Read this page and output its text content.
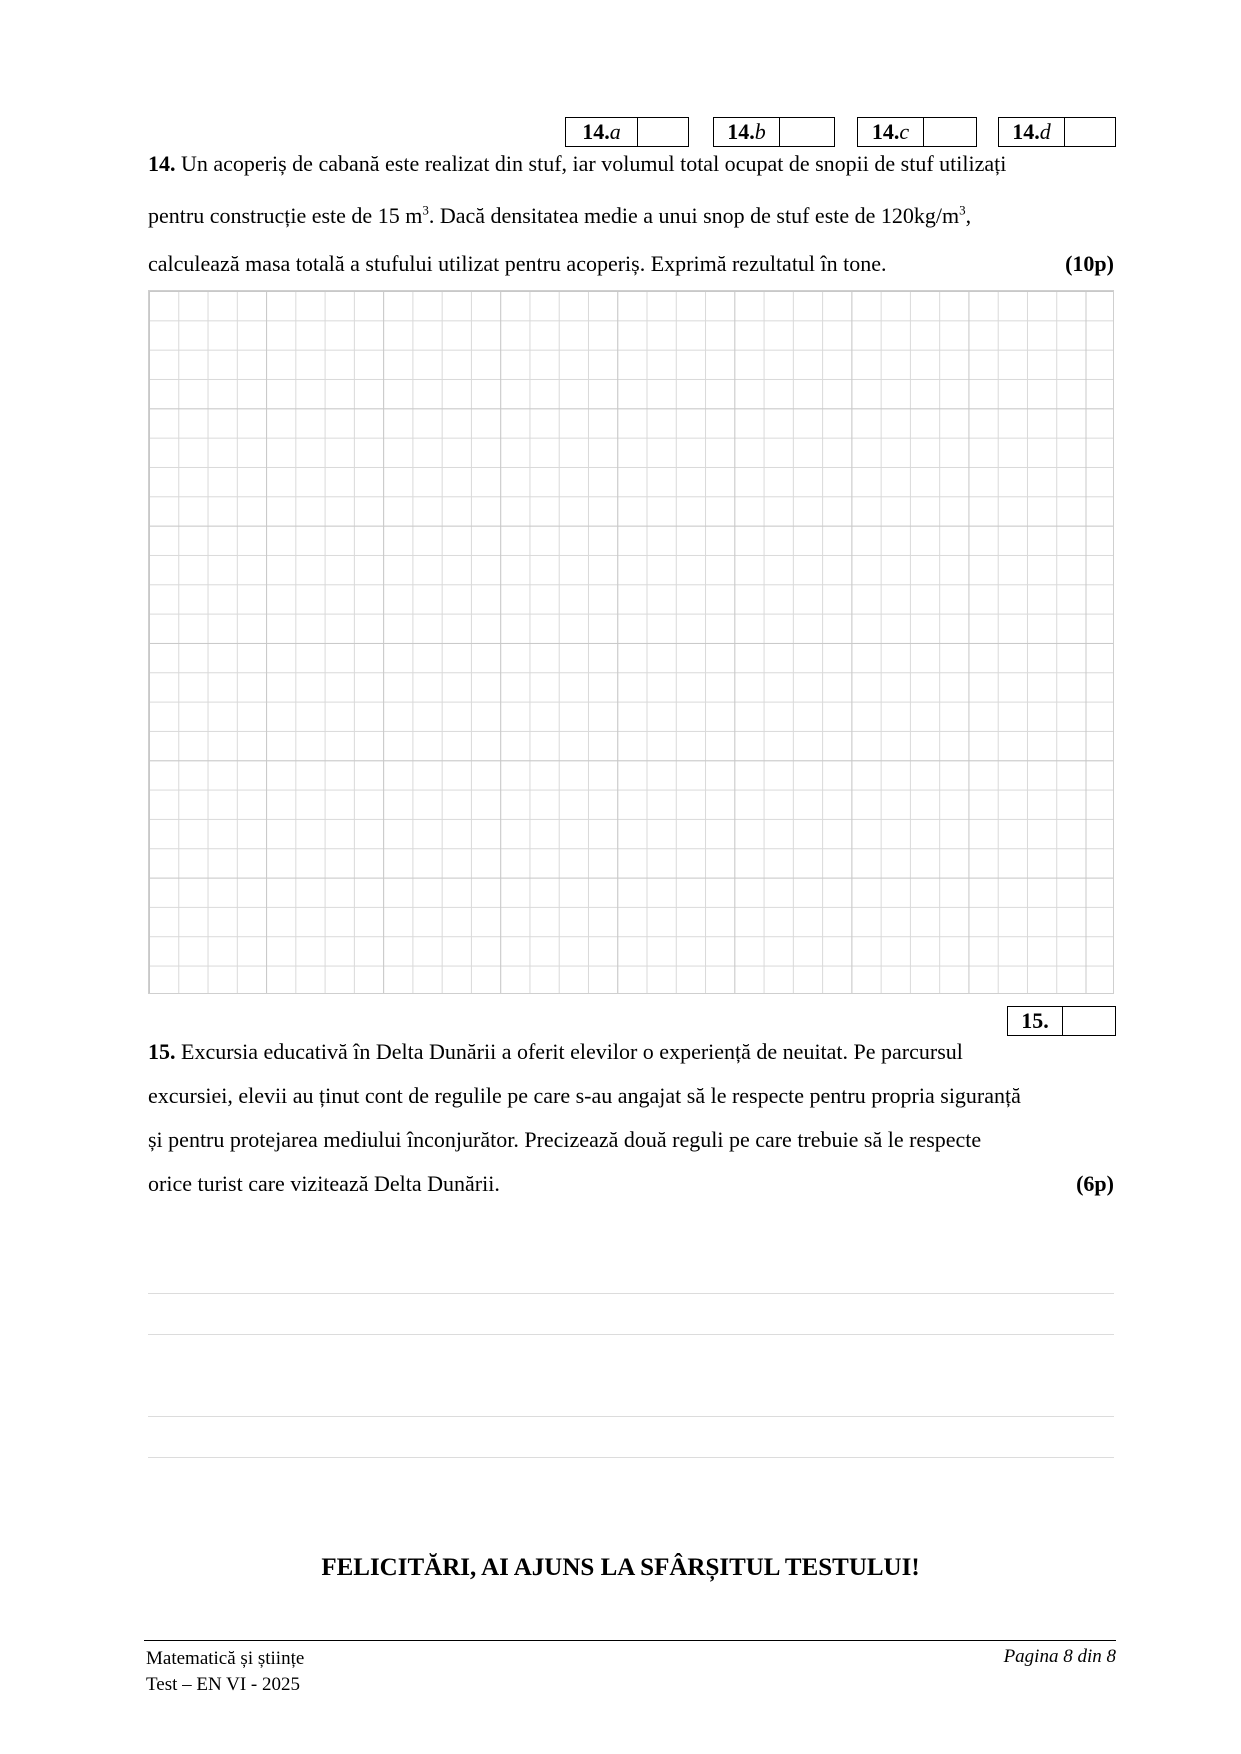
14. a	14. b	14. c	14. d
14. Un acoperiș de cabană este realizat din stuf, iar volumul total ocupat de snopii de stuf utilizați
pentru construcție este de 15 $m^3$. Dacă densitatea medie a unui snop de stuf este de $120kg/m^3$,
calculează masa totală a stufului utilizat pentru acoperiș. Exprimă rezultatul în tone.	(10p)
15.
15. Excursia educativă în Delta Dunării a oferit elevilor o experiență de neuitat. Pe parcursul
excursiei, elevii au ținut cont de regulile pe care s-au angajat să le respecte pentru propria siguranță
și pentru protejarea mediului înconjurător. Precizează două reguli pe care trebuie să le respecte
orice turist care vizitează Delta Dunării.	(6p)
FELICITĂRI, AI AJUNS LA SFÂRȘITUL TESTULUI!
Matematică și științe
Test – EN VI - 2025
Pagina 8 din 8
